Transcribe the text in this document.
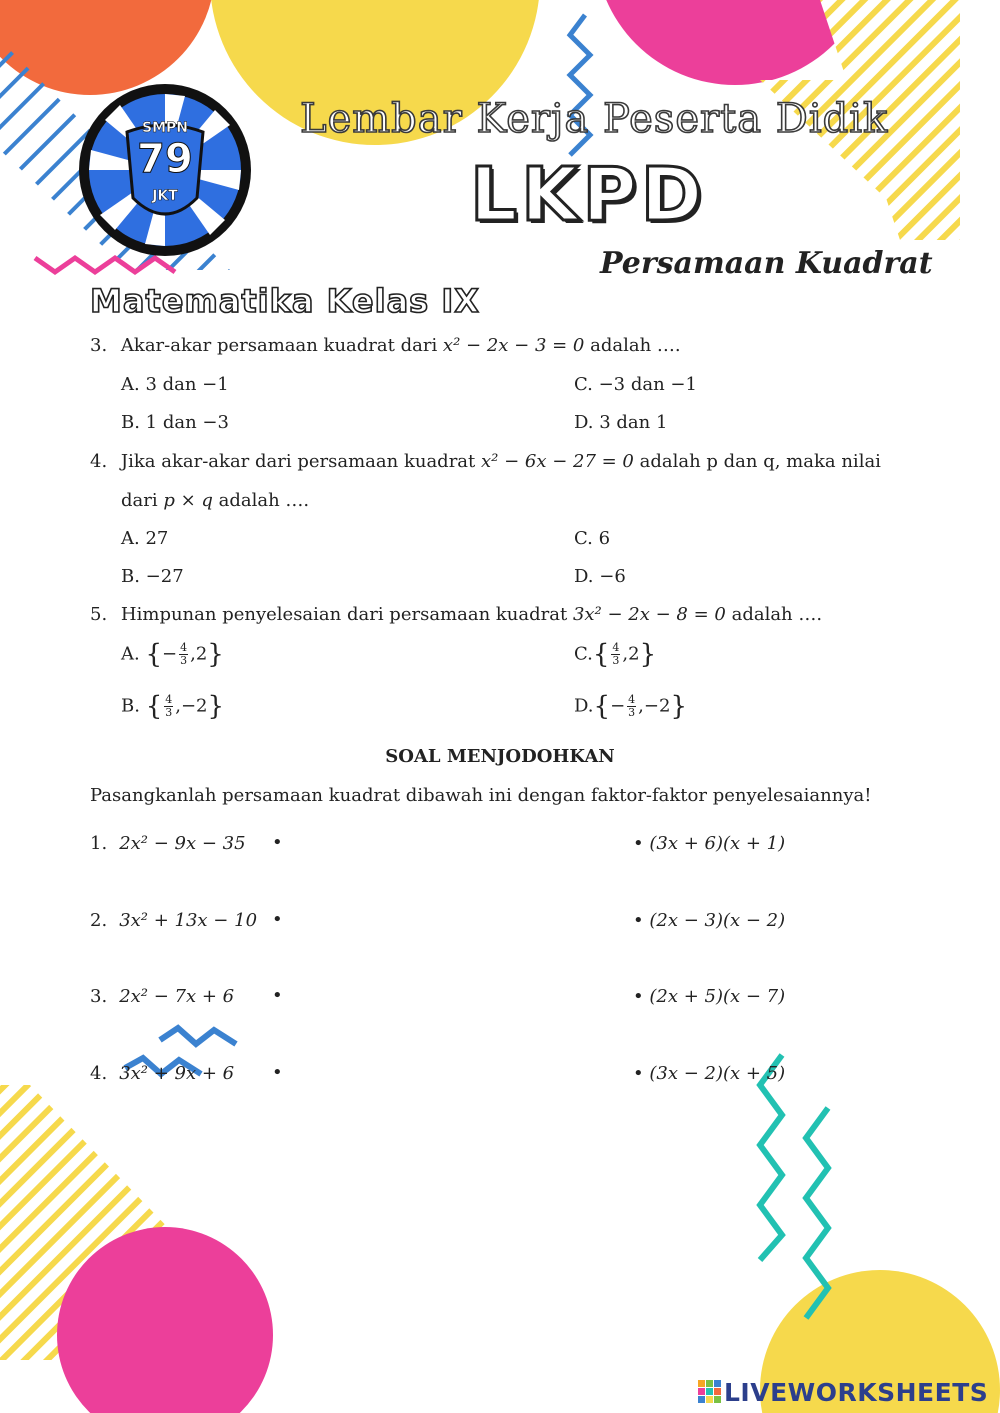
SMPN
79
JKT
Lembar Kerja Peserta Didik
LKPD
Persamaan Kuadrat
Matematika Kelas IX
3. Akar-akar persamaan kuadrat dari x² − 2x − 3 = 0 adalah ….
A. 3 dan −1
B. 1 dan −3
C. −3 dan −1
D. 3 dan 1
4. Jika akar-akar dari persamaan kuadrat x² − 6x − 27 = 0 adalah p dan q, maka nilai
dari p × q adalah ….
A. 27
B. −27
C. 6
D. −6
5. Himpunan penyelesaian dari persamaan kuadrat 3x² − 2x − 8 = 0 adalah ….
A. {− $\frac{4}{3} ,2$}
B. { $\frac{4}{3} ,-2$}
$C.\{ \frac{4}{3} ,2\}$
$D.\{- \frac{4}{3} ,-2\}$
SOAL MENJODOHKAN
Pasangkanlah persamaan kuadrat dibawah ini dengan faktor-faktor penyelesaiannya!
1. 2x² − 9x − 35
2. 3x² + 13x − 10
3. 2x² − 7x + 6
4. 3x² + 9x + 6
•
•
•
•
• (3x + 6)(x + 1)
• (2x − 3)(x − 2)
• (2x + 5)(x − 7)
• (3x − 2)(x + 5)
LIVEWORKSHEETS
